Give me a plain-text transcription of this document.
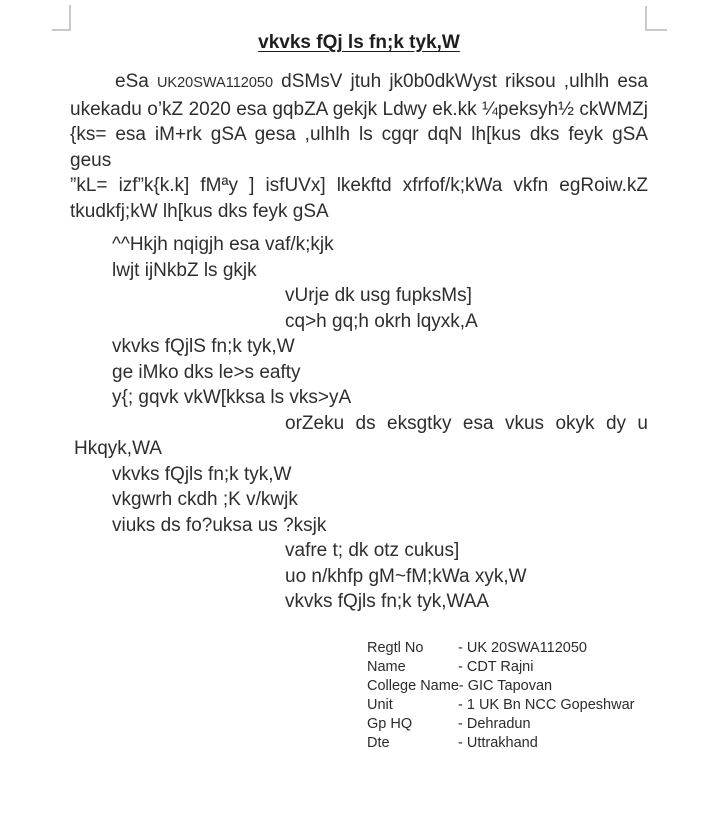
vkvks fQj ls fn;k tyk,W
eSa UK20SWA112050 dSMsV jtuh jk0b0dkWyst riksou ,ulhlh esa
ukekadu o’kZ 2020 esa gqbZA gekjk Ldwy ek.kk ¼peksyh½ ckWMZj
{ks= esa iM+rk gSA gesa ,ulhlh ls cgqr dqN lh[kus dks feyk gSA geus
”kL= izf”k{k.k] fMªy ] isfUVx] lkekftd xfrfof/k;kWa vkfn egRoiw.kZ
tkudkfj;kW lh[kus dks feyk gSA
^^Hkjh nqigjh esa vaf/k;kjk
lwjt ijNkbZ ls gkjk
vUrje dk usg fupksMs]
cq>h gq;h okrh lqyxk,A
vkvks fQjlS fn;k tyk,W
ge iMko dks le>s eafty
y{; gqvk vkW[kksa ls vks>yA
orZeku ds eksgtky esa vkus okyk dy u
Hkqyk,WA
vkvks fQjls fn;k tyk,W
vkgwrh ckdh ;K v/kwjk
viuks ds fo?uksa us ?ksjk
vafre t; dk otz cukus]
uo n/khfp gM~fM;kWa xyk,W
vkvks fQjls fn;k tyk,WAA
Regtl No	- UK 20SWA112050
Name	- CDT Rajni
College Name - GIC Tapovan
Unit	- 1 UK Bn NCC Gopeshwar
Gp HQ	- Dehradun
Dte	- Uttrakhand
